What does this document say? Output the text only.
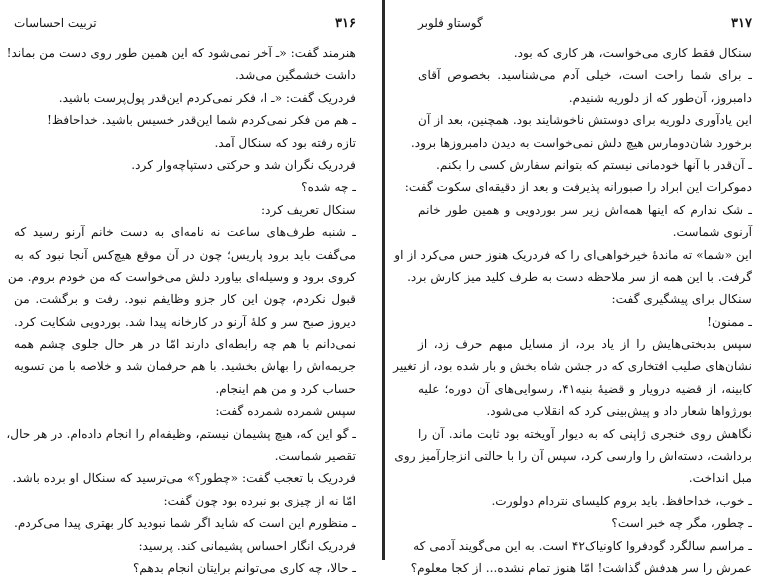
۳۱۶
تربیت احساسات
هنرمند گفت: «ـ آخر نمی‌شود که این همین طور روی دست من بماند!
داشت خشمگین می‌شد.
فردریک گفت: «ـ ا، فکر نمی‌کردم این‌قدر پول‌پرست باشید.
ـ هم من فکر نمی‌کردم شما این‌قدر خسیس باشید. خداحافظ!
تازه رفته بود که سنکال آمد.
فردریک نگران شد و حرکتی دستپاچه‌وار کرد.
ـ چه شده؟
سنکال تعریف کرد:
ـ شنبه طرف‌های ساعت نه نامه‌ای به دست خانم آرنو رسید که
می‌گفت باید برود پاریس؛ چون در آن موقع هیچ‌کس آنجا نبود که به
کروی برود و وسیله‌ای بیاورد دلش می‌خواست که من خودم بروم. من
قبول نکردم، چون این کار جزو وظایفم نبود. رفت و برگشت. من
دیروز صبح سر و کلهٔ آرنو در کارخانه پیدا شد. بوردویی شکایت کرد.
نمی‌دانم با هم چه رابطه‌ای دارند امّا در هر حال جلوی چشم همه
جریمه‌اش را بهاش بخشید. با هم حرفمان شد و خلاصه با من تسویه
حساب کرد و من هم اینجام.
سپس شمرده شمرده گفت:
ـ گو این که، هیچ پشیمان نیستم، وظیفه‌ام را انجام داده‌ام. در هر حال،
تقصیر شماست.
فردریک با تعجب گفت: «چطور؟» می‌ترسید که سنکال او برده باشد.
امّا نه از چیزی بو نبرده بود چون گفت:
ـ منظورم این است که شاید اگر شما نبودید کار بهتری پیدا می‌کردم.
فردریک انگار احساس پشیمانی کند. پرسید:
ـ حالا، چه کاری می‌توانم برایتان انجام بدهم؟
۳۱۷
گوستاو فلوبر
سنکال فقط کاری می‌خواست، هر کاری که بود.
ـ برای شما راحت است، خیلی آدم می‌شناسید. بخصوص آقای
دامبروز، آن‌طور که از دلوریه شنیدم.
این یادآوری دلوریه برای دوستش ناخوشایند بود. همچنین، بعد از آن
برخورد شان‌دومارس هیچ دلش نمی‌خواست به دیدن دامبروزها برود.
ـ آن‌قدر با آنها خودمانی نیستم که بتوانم سفارش کسی را بکنم.
دموکرات این ابراد را صبورانه پذیرفت و بعد از دقیقه‌ای سکوت گفت:
ـ شک ندارم که اینها همه‌اش زیر سر بوردویی و همین طور خانم
آرنوی شماست.
این «شما» ته ماندهٔ خیرخواهی‌ای را که فردریک هنوز حس می‌کرد از او
گرفت. با این همه از سر ملاحظه دست به طرف کلید میز کارش برد.
سنکال برای پیشگیری گفت:
ـ ممنون!
سپس بدبختی‌هایش را از یاد برد، از مسایل مبهم حرف زد، از
نشان‌های صلیب افتخاری که در جشن شاه بخش و بار شده بود، از تغییر
کابینه، از قضیه درویار و قضیهٔ بنیه۴۱، رسوایی‌های آن دوره؛ علیه
بورژواها شعار داد و پیش‌بینی کرد که انقلاب می‌شود.
نگاهش روی خنجری ژاپنی که به دیوار آویخته بود ثابت ماند. آن را
برداشت، دسته‌اش را وارسی کرد، سپس آن را با حالتی انزجارآمیز روی
مبل انداخت.
ـ خوب، خداحافظ. باید بروم کلیسای نتردام دولورت.
ـ چطور، مگر چه خبر است؟
ـ مراسم سالگرد گودفروا کاونیاک۴۲ است. به این می‌گویند آدمی که
عمرش را سر هدفش گذاشت! امّا هنوز تمام نشده... از کجا معلوم؟
